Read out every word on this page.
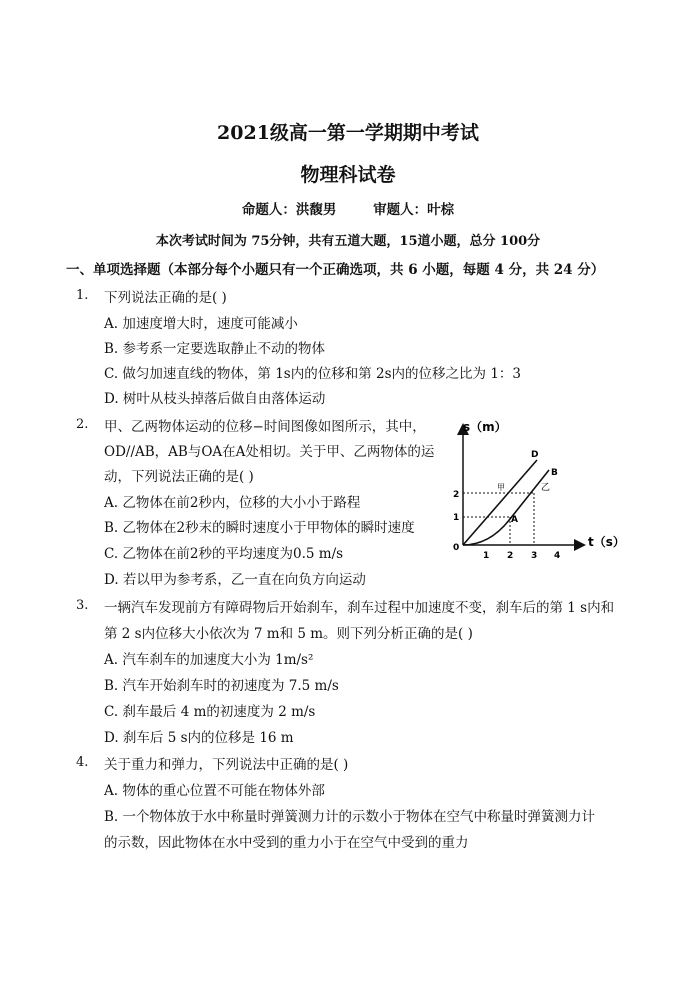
2021级高一第一学期期中考试
物理科试卷
命题人：洪馥男	审题人：叶棕
本次考试时间为 75分钟，共有五道大题，15道小题，总分 100分
一、单项选择题（本部分每个小题只有一个正确选项，共 6 小题，每题 4 分，共 24 分）
1. 下列说法正确的是( )
A. 加速度增大时，速度可能减小
B. 参考系一定要选取静止不动的物体
C. 做匀加速直线的物体，第 1s内的位移和第 2s内的位移之比为 1：3
D. 树叶从枝头掉落后做自由落体运动
2. 甲、乙两物体运动的位移−时间图像如图所示，其中，
OD//AB，AB与OA在A处相切。关于甲、乙两物体的运
动，下列说法正确的是( )
A. 乙物体在前2秒内，位移的大小小于路程
B. 乙物体在2秒末的瞬时速度小于甲物体的瞬时速度
C. 乙物体在前2秒的平均速度为0.5 m/s
D. 若以甲为参考系，乙一直在向负方向运动
s（m）
t（s）
0
1 2 3 4
1
2
D
B
A
甲	乙
3. 一辆汽车发现前方有障碍物后开始刹车，刹车过程中加速度不变，刹车后的第 1 s内和
第 2 s内位移大小依次为 7 m和 5 m。则下列分析正确的是( )
A. 汽车刹车的加速度大小为 1m/s²
B. 汽车开始刹车时的初速度为 7.5 m/s
C. 刹车最后 4 m的初速度为 2 m/s
D. 刹车后 5 s内的位移是 16 m
4. 关于重力和弹力，下列说法中正确的是( )
A. 物体的重心位置不可能在物体外部
B. 一个物体放于水中称量时弹簧测力计的示数小于物体在空气中称量时弹簧测力计
的示数，因此物体在水中受到的重力小于在空气中受到的重力
